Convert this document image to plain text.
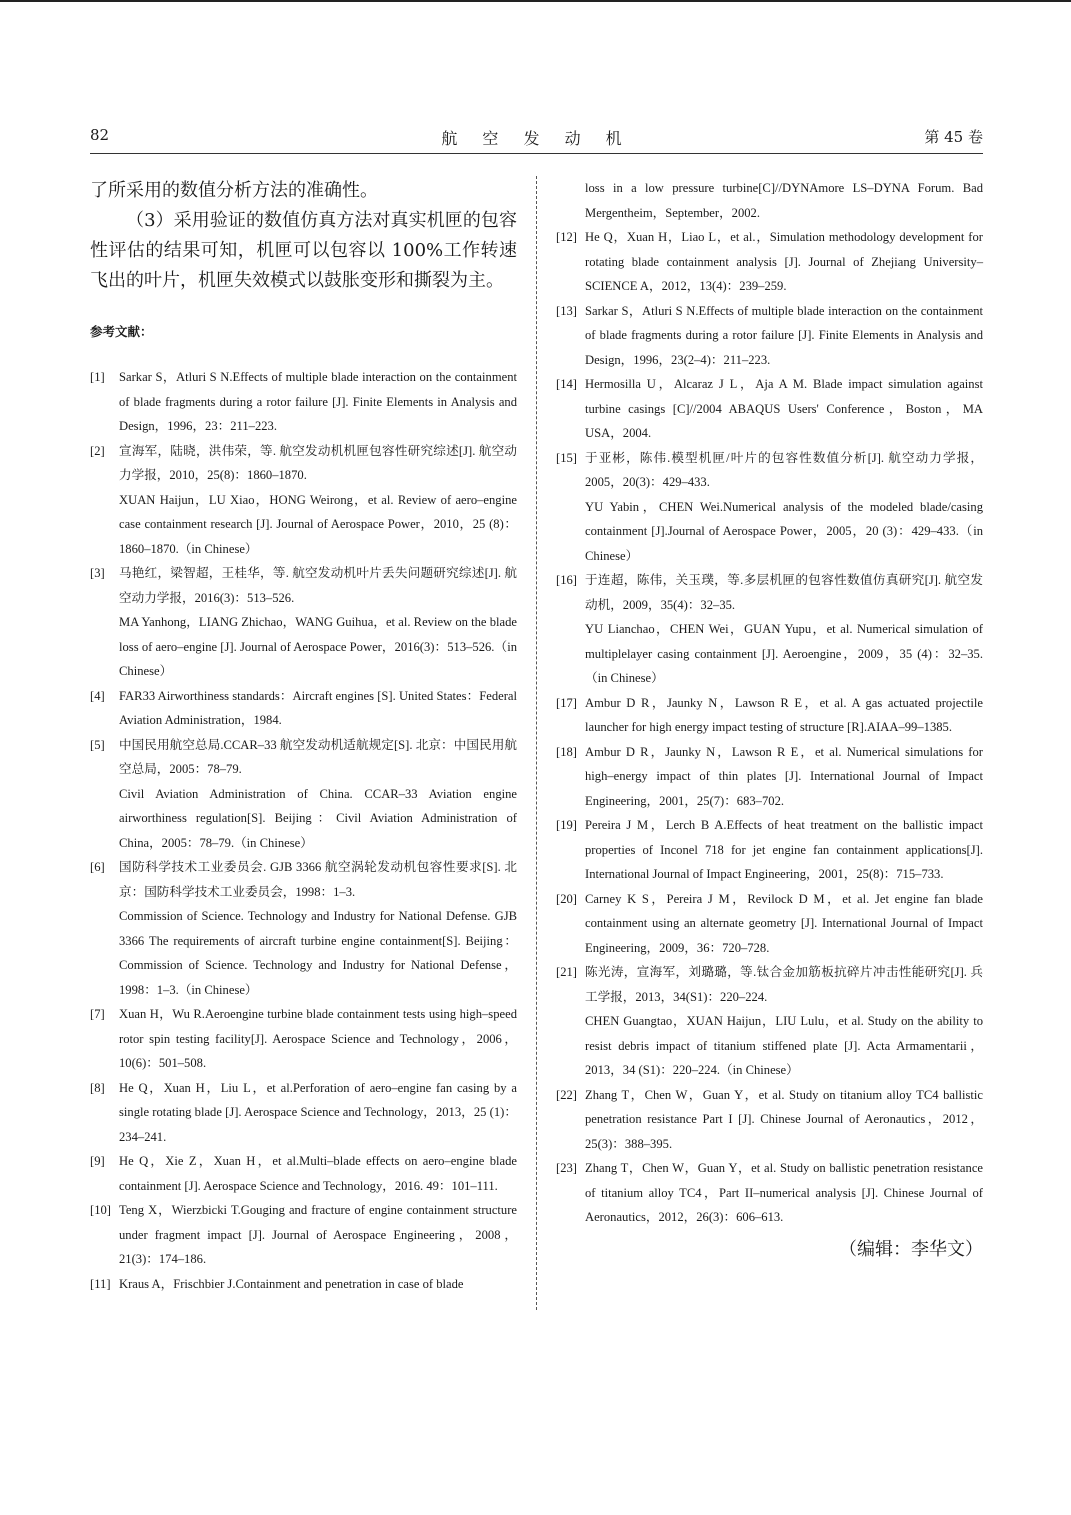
82	航 空 发 动 机	第 45 卷

了所采用的数值分析方法的准确性。

（3）采用验证的数值仿真方法对真实机匣的包容性评估的结果可知，机匣可以包容以 100%工作转速飞出的叶片，机匣失效模式以鼓胀变形和撕裂为主。

参考文献：
[1] Sarkar S，Atluri S N.Effects of multiple blade interaction on the containment of blade fragments during a rotor failure [J]. Finite Elements in Analysis and Design，1996，23：211–223.
[2] 宣海军，陆晓，洪伟荣，等. 航空发动机机匣包容性研究综述[J]. 航空动力学报，2010，25(8)：1860–1870.
XUAN Haijun，LU Xiao，HONG Weirong，et al. Review of aero–engine case containment research [J]. Journal of Aerospace Power，2010，25 (8)：1860–1870.（in Chinese）
[3] 马艳红，梁智超，王桂华，等. 航空发动机叶片丢失问题研究综述[J]. 航空动力学报，2016(3)：513–526.
MA Yanhong，LIANG Zhichao，WANG Guihua，et al. Review on the blade loss of aero–engine [J]. Journal of Aerospace Power，2016(3)：513–526.（in Chinese）
[4] FAR33 Airworthiness standards：Aircraft engines [S]. United States：Federal Aviation Administration，1984.
[5] 中国民用航空总局.CCAR–33 航空发动机适航规定[S]. 北京：中国民用航空总局，2005：78–79.
Civil Aviation Administration of China. CCAR–33 Aviation engine airworthiness regulation[S]. Beijing：Civil Aviation Administration of China，2005：78–79.（in Chinese）
[6] 国防科学技术工业委员会. GJB 3366 航空涡轮发动机包容性要求[S]. 北京：国防科学技术工业委员会，1998：1–3.
Commission of Science. Technology and Industry for National Defense. GJB 3366 The requirements of aircraft turbine engine containment[S]. Beijing：Commission of Science. Technology and Industry for National Defense，1998：1–3.（in Chinese）
[7] Xuan H，Wu R.Aeroengine turbine blade containment tests using high–speed rotor spin testing facility[J]. Aerospace Science and Technology，2006，10(6)：501–508.
[8] He Q，Xuan H，Liu L，et al.Perforation of aero–engine fan casing by a single rotating blade [J]. Aerospace Science and Technology，2013，25 (1)：234–241.
[9] He Q，Xie Z，Xuan H，et al.Multi–blade effects on aero–engine blade containment [J]. Aerospace Science and Technology，2016. 49：101–111.
[10] Teng X，Wierzbicki T.Gouging and fracture of engine containment structure under fragment impact [J]. Journal of Aerospace Engineering，2008，21(3)：174–186.
[11] Kraus A，Frischbier J.Containment and penetration in case of blade
loss in a low pressure turbine[C]//DYNAmore LS–DYNA Forum. Bad Mergentheim，September，2002.
[12] He Q，Xuan H，Liao L，et al.，Simulation methodology development for rotating blade containment analysis [J]. Journal of Zhejiang University–SCIENCE A，2012，13(4)：239–259.
[13] Sarkar S，Atluri S N.Effects of multiple blade interaction on the containment of blade fragments during a rotor failure [J]. Finite Elements in Analysis and Design，1996，23(2–4)：211–223.
[14] Hermosilla U，Alcaraz J L，Aja A M. Blade impact simulation against turbine casings [C]//2004 ABAQUS Users' Conference，Boston，MA USA，2004.
[15] 于亚彬，陈伟.模型机匣/叶片的包容性数值分析[J]. 航空动力学报，2005，20(3)：429–433.
YU Yabin，CHEN Wei.Numerical analysis of the modeled blade/casing containment [J].Journal of Aerospace Power，2005，20 (3)：429–433.（in Chinese）
[16] 于连超，陈伟，关玉璞，等.多层机匣的包容性数值仿真研究[J]. 航空发动机，2009，35(4)：32–35.
YU Lianchao，CHEN Wei，GUAN Yupu，et al. Numerical simulation of multiplelayer casing containment [J]. Aeroengine，2009，35 (4)：32–35.（in Chinese）
[17] Ambur D R，Jaunky N，Lawson R E，et al. A gas actuated projectile launcher for high energy impact testing of structure [R].AIAA–99–1385.
[18] Ambur D R，Jaunky N，Lawson R E，et al. Numerical simulations for high–energy impact of thin plates [J]. International Journal of Impact Engineering，2001，25(7)：683–702.
[19] Pereira J M，Lerch B A.Effects of heat treatment on the ballistic impact properties of Inconel 718 for jet engine fan containment applications[J]. International Journal of Impact Engineering，2001，25(8)：715–733.
[20] Carney K S，Pereira J M，Revilock D M，et al. Jet engine fan blade containment using an alternate geometry [J]. International Journal of Impact Engineering，2009，36：720–728.
[21] 陈光涛，宣海军，刘璐璐，等.钛合金加筋板抗碎片冲击性能研究[J]. 兵工学报，2013，34(S1)：220–224.
CHEN Guangtao，XUAN Haijun，LIU Lulu，et al. Study on the ability to resist debris impact of titanium stiffened plate [J]. Acta Armamentarii，2013，34 (S1)：220–224.（in Chinese）
[22] Zhang T，Chen W，Guan Y，et al. Study on titanium alloy TC4 ballistic penetration resistance Part I [J]. Chinese Journal of Aeronautics，2012，25(3)：388–395.
[23] Zhang T，Chen W，Guan Y，et al. Study on ballistic penetration resistance of titanium alloy TC4，Part II–numerical analysis [J]. Chinese Journal of Aeronautics，2012，26(3)：606–613.
（编辑：李华文）
